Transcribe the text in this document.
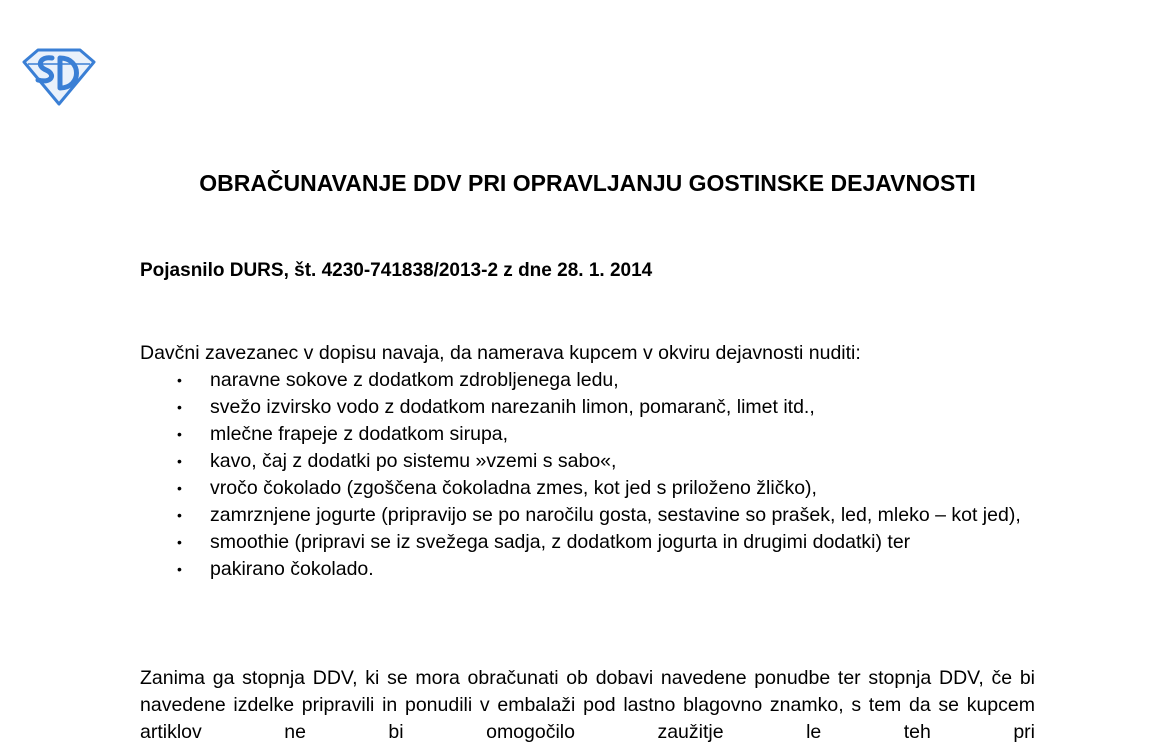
OBRAČUNAVANJE DDV PRI OPRAVLJANJU GOSTINSKE DEJAVNOSTI
Pojasnilo DURS, št. 4230-741838/2013-2 z dne 28. 1. 2014
Davčni zavezanec v dopisu navaja, da namerava kupcem v okviru dejavnosti nuditi:
• naravne sokove z dodatkom zdrobljenega ledu,
• svežo izvirsko vodo z dodatkom narezanih limon, pomaranč, limet itd.,
• mlečne frapeje z dodatkom sirupa,
• kavo, čaj z dodatki po sistemu »vzemi s sabo«,
• vročo čokolado (zgoščena čokoladna zmes, kot jed s priloženo žličko),
• zamrznjene jogurte (pripravijo se po naročilu gosta, sestavine so prašek, led, mleko – kot jed),
• smoothie (pripravi se iz svežega sadja, z dodatkom jogurta in drugimi dodatki) ter
• pakirano čokolado.

Zanima ga stopnja DDV, ki se mora obračunati ob dobavi navedene ponudbe ter stopnja DDV, če bi navedene izdelke pripravili in ponudili v embalaži pod lastno blagovno znamko, s tem da se kupcem artiklov ne bi omogočilo zaužitje le teh pri
